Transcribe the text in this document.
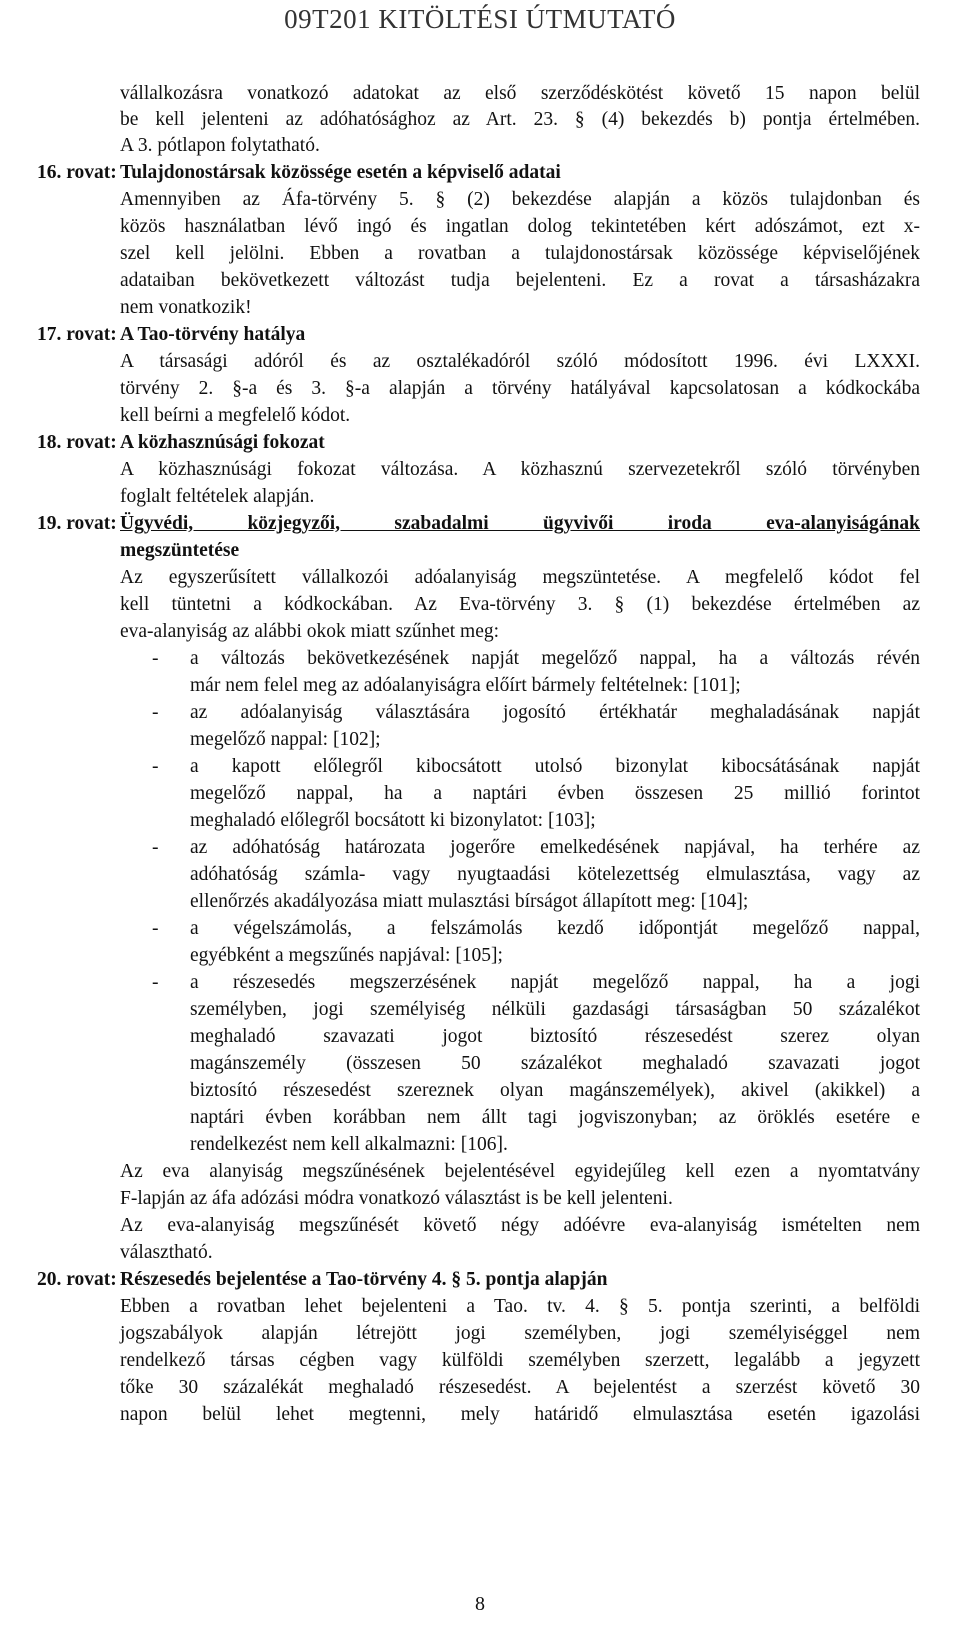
09T201 KITÖLTÉSI ÚTMUTATÓ
vállalkozásra vonatkozó adatokat az első szerződéskötést követő 15 napon belül
be kell jelenteni az adóhatósághoz az Art. 23. § (4) bekezdés b) pontja értelmében.
A 3. pótlapon folytatható.
16. rovat: Tulajdonostársak közössége esetén a képviselő adatai
Amennyiben az Áfa-törvény 5. § (2) bekezdése alapján a közös tulajdonban és
közös használatban lévő ingó és ingatlan dolog tekintetében kért adószámot, ezt x-
szel kell jelölni. Ebben a rovatban a tulajdonostársak közössége képviselőjének
adataiban bekövetkezett változást tudja bejelenteni. Ez a rovat a társasházakra
nem vonatkozik!
17. rovat: A Tao-törvény hatálya
A társasági adóról és az osztalékadóról szóló módosított 1996. évi LXXXI.
törvény 2. §-a és 3. §-a alapján a törvény hatályával kapcsolatosan a kódkockába
kell beírni a megfelelő kódot.
18. rovat: A közhasznúsági fokozat
A közhasznúsági fokozat változása. A közhasznú szervezetekről szóló törvényben
foglalt feltételek alapján.
19. rovat: Ügyvédi, közjegyzői, szabadalmi ügyvivői iroda eva-alanyiságának
megszüntetése
Az egyszerűsített vállalkozói adóalanyiság megszüntetése. A megfelelő kódot fel
kell tüntetni a kódkockában. Az Eva-törvény 3. § (1) bekezdése értelmében az
eva-alanyiság az alábbi okok miatt szűnhet meg:
- a változás bekövetkezésének napját megelőző nappal, ha a változás révén
már nem felel meg az adóalanyiságra előírt bármely feltételnek: [101];
- az adóalanyiság választására jogosító értékhatár meghaladásának napját
megelőző nappal: [102];
- a kapott előlegről kibocsátott utolsó bizonylat kibocsátásának napját
megelőző nappal, ha a naptári évben összesen 25 millió forintot
meghaladó előlegről bocsátott ki bizonylatot: [103];
- az adóhatóság határozata jogerőre emelkedésének napjával, ha terhére az
adóhatóság számla- vagy nyugtaadási kötelezettség elmulasztása, vagy az
ellenőrzés akadályozása miatt mulasztási bírságot állapított meg: [104];
- a végelszámolás, a felszámolás kezdő időpontját megelőző nappal,
egyébként a megszűnés napjával: [105];
- a részesedés megszerzésének napját megelőző nappal, ha a jogi
személyben, jogi személyiség nélküli gazdasági társaságban 50 százalékot
meghaladó szavazati jogot biztosító részesedést szerez olyan
magánszemély (összesen 50 százalékot meghaladó szavazati jogot
biztosító részesedést szereznek olyan magánszemélyek), akivel (akikkel) a
naptári évben korábban nem állt tagi jogviszonyban; az öröklés esetére e
rendelkezést nem kell alkalmazni: [106].
Az eva alanyiság megszűnésének bejelentésével egyidejűleg kell ezen a nyomtatvány
F-lapján az áfa adózási módra vonatkozó választást is be kell jelenteni.
Az eva-alanyiság megszűnését követő négy adóévre eva-alanyiság ismételten nem
választható.
20. rovat: Részesedés bejelentése a Tao-törvény 4. § 5. pontja alapján
Ebben a rovatban lehet bejelenteni a Tao. tv. 4. § 5. pontja szerinti, a belföldi
jogszabályok alapján létrejött jogi személyben, jogi személyiséggel nem
rendelkező társas cégben vagy külföldi személyben szerzett, legalább a jegyzett
tőke 30 százalékát meghaladó részesedést. A bejelentést a szerzést követő 30
napon belül lehet megtenni, mely határidő elmulasztása esetén igazolási
8
